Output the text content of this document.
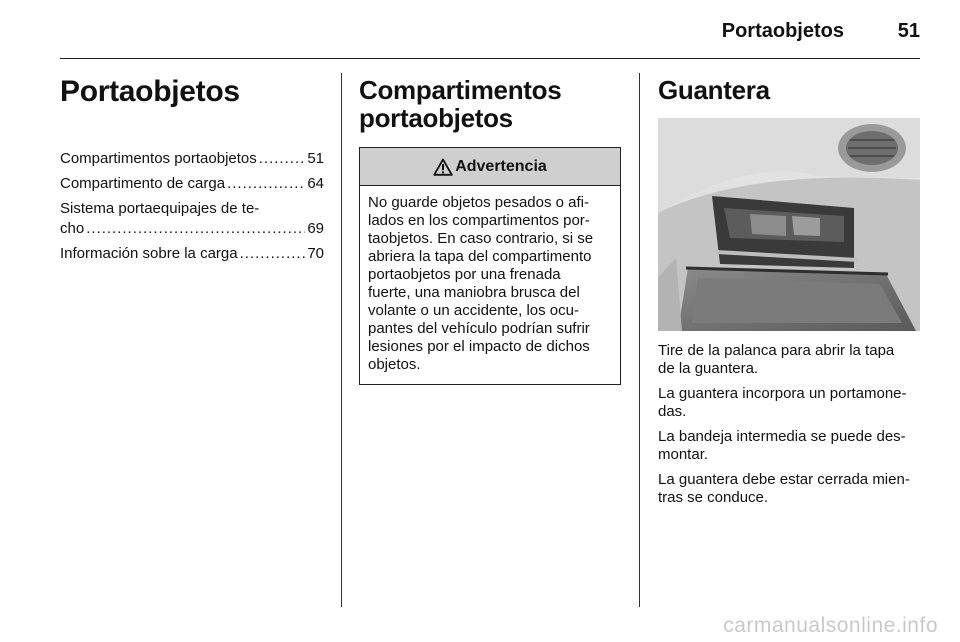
Portaobjetos	51
Portaobjetos
Compartimentos portaobjetos .....	51
Compartimento de carga .....	64
Sistema portaequipajes de te-
cho .....	69
Información sobre la carga .....	70
Compartimentos
portaobjetos
Advertencia
No guarde objetos pesados o afi-
lados en los compartimentos por-
taobjetos. En caso contrario, si se
abriera la tapa del compartimento
portaobjetos por una frenada
fuerte, una maniobra brusca del
volante o un accidente, los ocu-
pantes del vehículo podrían sufrir
lesiones por el impacto de dichos
objetos.
Guantera
Tire de la palanca para abrir la tapa
de la guantera.
La guantera incorpora un portamone-
das.
La bandeja intermedia se puede des-
montar.
La guantera debe estar cerrada mien-
tras se conduce.
carmanualsonline.info
